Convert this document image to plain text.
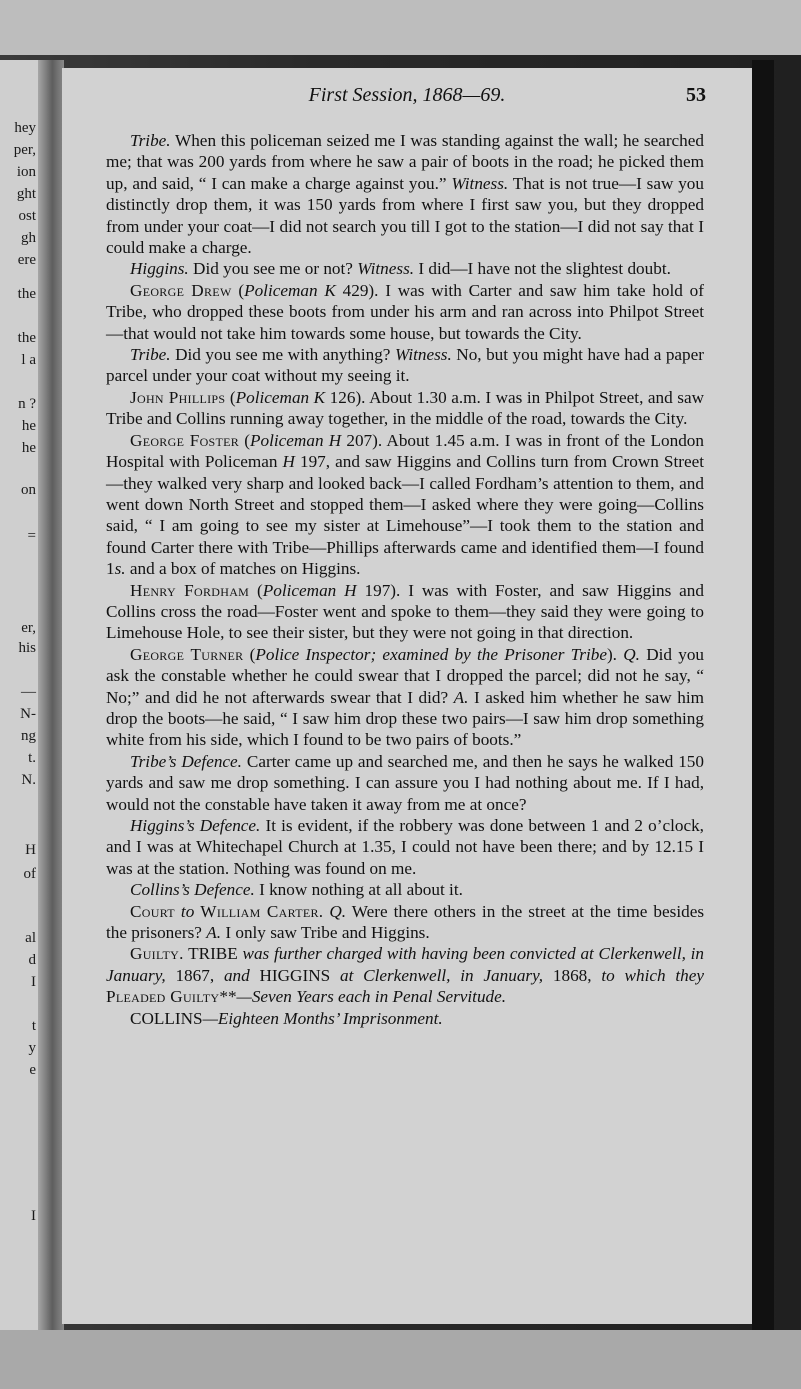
hey
per,
ion
ght
ost
gh
ere
the
the
l a
n ?
he
he
on
=
er,
his
—
N-
ng
t.
N.
H
of
al
d
I
t
y
e
I
First Session, 1868—69.	53

Tribe. When this policeman seized me I was standing against the wall; he searched me; that was 200 yards from where he saw a pair of boots in the road; he picked them up, and said, “ I can make a charge against you.” Witness. That is not true—I saw you distinctly drop them, it was 150 yards from where I first saw you, but they dropped from under your coat—I did not search you till I got to the station—I did not say that I could make a charge.

Higgins. Did you see me or not? Witness. I did—I have not the slightest doubt.

George Drew (Policeman K 429). I was with Carter and saw him take hold of Tribe, who dropped these boots from under his arm and ran across into Philpot Street—that would not take him towards some house, but towards the City.

Tribe. Did you see me with anything? Witness. No, but you might have had a paper parcel under your coat without my seeing it.

John Phillips (Policeman K 126). About 1.30 a.m. I was in Philpot Street, and saw Tribe and Collins running away together, in the middle of the road, towards the City.

George Foster (Policeman H 207). About 1.45 a.m. I was in front of the London Hospital with Policeman H 197, and saw Higgins and Collins turn from Crown Street—they walked very sharp and looked back—I called Fordham’s attention to them, and went down North Street and stopped them—I asked where they were going—Collins said, “ I am going to see my sister at Limehouse”—I took them to the station and found Carter there with Tribe—Phillips afterwards came and identified them—I found 1s. and a box of matches on Higgins.

Henry Fordham (Policeman H 197). I was with Foster, and saw Higgins and Collins cross the road—Foster went and spoke to them—they said they were going to Limehouse Hole, to see their sister, but they were not going in that direction.

George Turner (Police Inspector; examined by the Prisoner Tribe). Q. Did you ask the constable whether he could swear that I dropped the parcel; did not he say, “ No;” and did he not afterwards swear that I did? A. I asked him whether he saw him drop the boots—he said, “ I saw him drop these two pairs—I saw him drop something white from his side, which I found to be two pairs of boots.”

Tribe’s Defence. Carter came up and searched me, and then he says he walked 150 yards and saw me drop something. I can assure you I had nothing about me. If I had, would not the constable have taken it away from me at once?

Higgins’s Defence. It is evident, if the robbery was done between 1 and 2 o’clock, and I was at Whitechapel Church at 1.35, I could not have been there; and by 12.15 I was at the station. Nothing was found on me.

Collins’s Defence. I know nothing at all about it.

Court to William Carter. Q. Were there others in the street at the time besides the prisoners? A. I only saw Tribe and Higgins.

Guilty. TRIBE was further charged with having been convicted at Clerkenwell, in January, 1867, and HIGGINS at Clerkenwell, in January, 1868, to which they Pleaded Guilty**—Seven Years each in Penal Servitude.

COLLINS—Eighteen Months’ Imprisonment.
